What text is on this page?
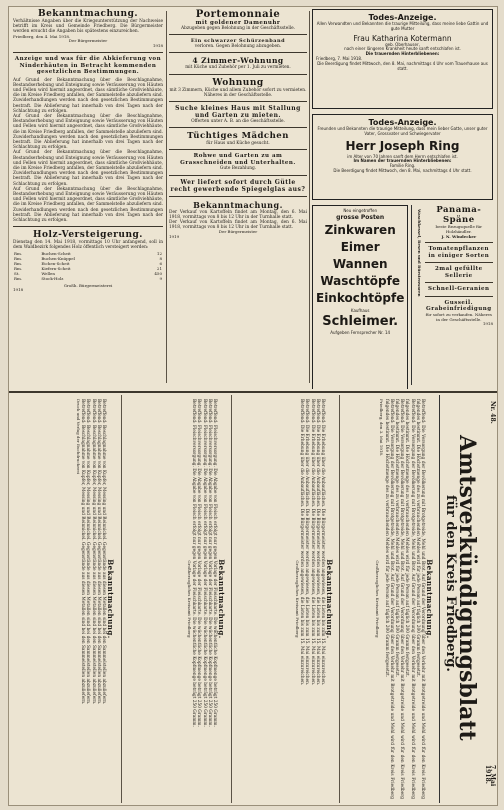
Bekanntmachung.
Verhältnisse Angaben über die Kriegsunterstützung der Nachweise betrifft im Kreis und Gemeinde Friedberg. Die Bürgermeister werden ersucht die Angaben bis spätestens einzureichen.
Friedberg, den 4. Mai 1918.
Der Bürgermeister
1918
Anzeige und was für die Abkieferung von Ninderhäuten in Betracht kommenden gesetzlichen Bestimmungen.
Auf Grund der Bekanntmachung über die Beschlagnahme, Bestandserhebung und Enteignung sowie Veräusserung von Häuten und Fellen wird hiermit angeordnet, dass sämtliche Großviehhäute, die im Kreise Friedberg anfallen, der Sammelstelle abzuliefern sind. Zuwiderhandlungen werden nach den gesetzlichen Bestimmungen bestraft. Die Ablieferung hat innerhalb von drei Tagen nach der Schlachtung zu erfolgen.
Auf Grund der Bekanntmachung über die Beschlagnahme, Bestandserhebung und Enteignung sowie Veräusserung von Häuten und Fellen wird hiermit angeordnet, dass sämtliche Großviehhäute, die im Kreise Friedberg anfallen, der Sammelstelle abzuliefern sind. Zuwiderhandlungen werden nach den gesetzlichen Bestimmungen bestraft. Die Ablieferung hat innerhalb von drei Tagen nach der Schlachtung zu erfolgen.
Auf Grund der Bekanntmachung über die Beschlagnahme, Bestandserhebung und Enteignung sowie Veräusserung von Häuten und Fellen wird hiermit angeordnet, dass sämtliche Großviehhäute, die im Kreise Friedberg anfallen, der Sammelstelle abzuliefern sind. Zuwiderhandlungen werden nach den gesetzlichen Bestimmungen bestraft. Die Ablieferung hat innerhalb von drei Tagen nach der Schlachtung zu erfolgen.
Auf Grund der Bekanntmachung über die Beschlagnahme, Bestandserhebung und Enteignung sowie Veräusserung von Häuten und Fellen wird hiermit angeordnet, dass sämtliche Großviehhäute, die im Kreise Friedberg anfallen, der Sammelstelle abzuliefern sind. Zuwiderhandlungen werden nach den gesetzlichen Bestimmungen bestraft. Die Ablieferung hat innerhalb von drei Tagen nach der Schlachtung zu erfolgen.
Holz-Versteigerung.
Dienstag den 14. Mai 1918, vormittags 10 Uhr anfangend, soll in dem Waldbezirk folgendes Holz öffentlich versteigert werden:
Rm.	Buchen-Scheit	12
Rm.	Buchen-Knüppel	8
Rm.	Eichen-Scheit	6
Rm.	Kiefern-Scheit	21
St.	Wellen	450
Rm.	Stock-Holz	9
Großh. Bürgermeisterei
1918
Portemonnaie
mit goldener Damenuhr
Abzugeben gegen Belohnung in der Geschäftsstelle.
Ein schwarzer Schürzenband
verloren. Gegen Belohnung abzugeben.
4 Zimmer-Wohnung
mit Küche und Zubehör per 1. Juli zu vermieten.
Wohnung
mit 3 Zimmern, Küche und allem Zubehör sofort zu vermieten. Näheres in der Geschäftsstelle.
Suche kleines Haus mit Stallung und Garten zu mieten.
Offerten unter A. B. an die Geschäftsstelle.
Tüchtiges Mädchen
für Haus und Küche gesucht.
Rohwe und Garten zu am Grasschneiden und Unterhalten.
Gute Bezahlung.
Wer liefert sofort durch Gütle recht gewerbende Spiegelglas aus?
Bekanntmachung.
Der Verkauf von Kartoffeln findet am Montag, den 6. Mai 1918, vormittags von 8 bis 12 Uhr in der Turnhalle statt.
Der Verkauf von Kartoffeln findet am Montag, den 6. Mai 1918, vormittags von 8 bis 12 Uhr in der Turnhalle statt.
Der Bürgermeister
1919
Todes-Anzeige.
Allen Verwandten und Bekannten die traurige Mitteilung, dass meine liebe Gattin und gute Mutter
Frau Katharina Kotermann
geb. Oberhauser,
nach einer längeren Krankheit heute sanft entschlafen ist.
Die trauernden Hinterbliebenen:
Friedberg, 7. Mai 1918.
Die Beerdigung findet Mittwoch, den 8. Mai, nachmittags 4 Uhr vom Trauerhause aus statt.
Todes-Anzeige.
Freunden und Bekannten die traurige Mitteilung, dass mein lieber Gatte, unser guter Vater, Grossvater und Schwiegervater
Herr Joseph Ring
im Alter von 70 Jahren sanft dem Herrn entschlafen ist.
Im Namen der trauernden Hinterbliebenen:
Familie Ring.
Die Beerdigung findet Mittwoch, den 8. Mai, nachmittags 4 Uhr statt.
Neu eingetroffen
grosse Posten
Zinkwaren
Eimer
Wannen
Waschtöpfe
Einkochtöpfe
Kaufhaus
Schleimer.
Aufgeben Fernsprecher Nr. 14
Waschkessel, Besen und Bürstenwaren	Panama-Späne
beste Bezugsquelle für Holzhändler.
J. N. Windecker
Tomatenpflanzen in einiger Sorten
2mal gefüllte Sellerie
Schnell-Geranien
Gusseil. Grabeinfriedigung
für sofort zu verkaufen. Näheres in der Geschäftsstelle.
1918
Amtsverkündigungsblatt
für den Kreis Friedberg.
Nr. 48.
7. Mai 1918.
Bekanntmachung.
Betreffend: Die Versorgung der Bevölkerung mit Brotgetreide, Mehl und Brot. Auf Grund der Verordnung über den Verkehr mit Brotgetreide und Mehl wird für den Kreis Friedberg folgendes bestimmt. Die Höchstmenge des zu verbrauchenden Mehles wird für jede Person auf täglich 200 Gramm festgesetzt.
Betreffend: Die Versorgung der Bevölkerung mit Brotgetreide, Mehl und Brot. Auf Grund der Verordnung über den Verkehr mit Brotgetreide und Mehl wird für den Kreis Friedberg folgendes bestimmt. Die Höchstmenge des zu verbrauchenden Mehles wird für jede Person auf täglich 200 Gramm festgesetzt.
Betreffend: Die Versorgung der Bevölkerung mit Brotgetreide, Mehl und Brot. Auf Grund der Verordnung über den Verkehr mit Brotgetreide und Mehl wird für den Kreis Friedberg folgendes bestimmt. Die Höchstmenge des zu verbrauchenden Mehles wird für jede Person auf täglich 200 Gramm festgesetzt.
Betreffend: Die Versorgung der Bevölkerung mit Brotgetreide, Mehl und Brot. Auf Grund der Verordnung über den Verkehr mit Brotgetreide und Mehl wird für den Kreis Friedberg folgendes bestimmt. Die Höchstmenge des zu verbrauchenden Mehles wird für jede Person auf täglich 200 Gramm festgesetzt.
Friedberg, den 3. Mai 1918.
Großherzogliches Kreisamt Friedberg
Bekanntmachung.
Betreffend: Die Erhebung über die Anbauflächen. Die Bürgermeister werden angewiesen, die Listen bis zum 15. Mai einzureichen.
Betreffend: Die Erhebung über die Anbauflächen. Die Bürgermeister werden angewiesen, die Listen bis zum 15. Mai einzureichen.
Betreffend: Die Erhebung über die Anbauflächen. Die Bürgermeister werden angewiesen, die Listen bis zum 15. Mai einzureichen.
Betreffend: Die Erhebung über die Anbauflächen. Die Bürgermeister werden angewiesen, die Listen bis zum 15. Mai einzureichen.
Betreffend: Die Erhebung über die Anbauflächen. Die Bürgermeister werden angewiesen, die Listen bis zum 15. Mai einzureichen.
Großherzogliches Kreisamt Friedberg
Bekanntmachung.
Betreffend: Fleischversorgung. Die Abgabe von Fleisch erfolgt nur gegen Vorlage der Fleischkarte. Die wöchentliche Kopfmenge beträgt 250 Gramm.
Betreffend: Fleischversorgung. Die Abgabe von Fleisch erfolgt nur gegen Vorlage der Fleischkarte. Die wöchentliche Kopfmenge beträgt 250 Gramm.
Betreffend: Fleischversorgung. Die Abgabe von Fleisch erfolgt nur gegen Vorlage der Fleischkarte. Die wöchentliche Kopfmenge beträgt 250 Gramm.
Betreffend: Fleischversorgung. Die Abgabe von Fleisch erfolgt nur gegen Vorlage der Fleischkarte. Die wöchentliche Kopfmenge beträgt 250 Gramm.
Betreffend: Fleischversorgung. Die Abgabe von Fleisch erfolgt nur gegen Vorlage der Fleischkarte. Die wöchentliche Kopfmenge beträgt 250 Gramm.
Großherzogliches Kreisamt Friedberg
Bekanntmachung.
Betreffend: Beschlagnahme von Kupfer, Messing und Reinnickel. Gegenstände aus diesen Metallen sind bei den Sammelstellen abzuliefern.
Betreffend: Beschlagnahme von Kupfer, Messing und Reinnickel. Gegenstände aus diesen Metallen sind bei den Sammelstellen abzuliefern.
Betreffend: Beschlagnahme von Kupfer, Messing und Reinnickel. Gegenstände aus diesen Metallen sind bei den Sammelstellen abzuliefern.
Betreffend: Beschlagnahme von Kupfer, Messing und Reinnickel. Gegenstände aus diesen Metallen sind bei den Sammelstellen abzuliefern.
Betreffend: Beschlagnahme von Kupfer, Messing und Reinnickel. Gegenstände aus diesen Metallen sind bei den Sammelstellen abzuliefern.
Druck und Verlag der Buchdruckerei
